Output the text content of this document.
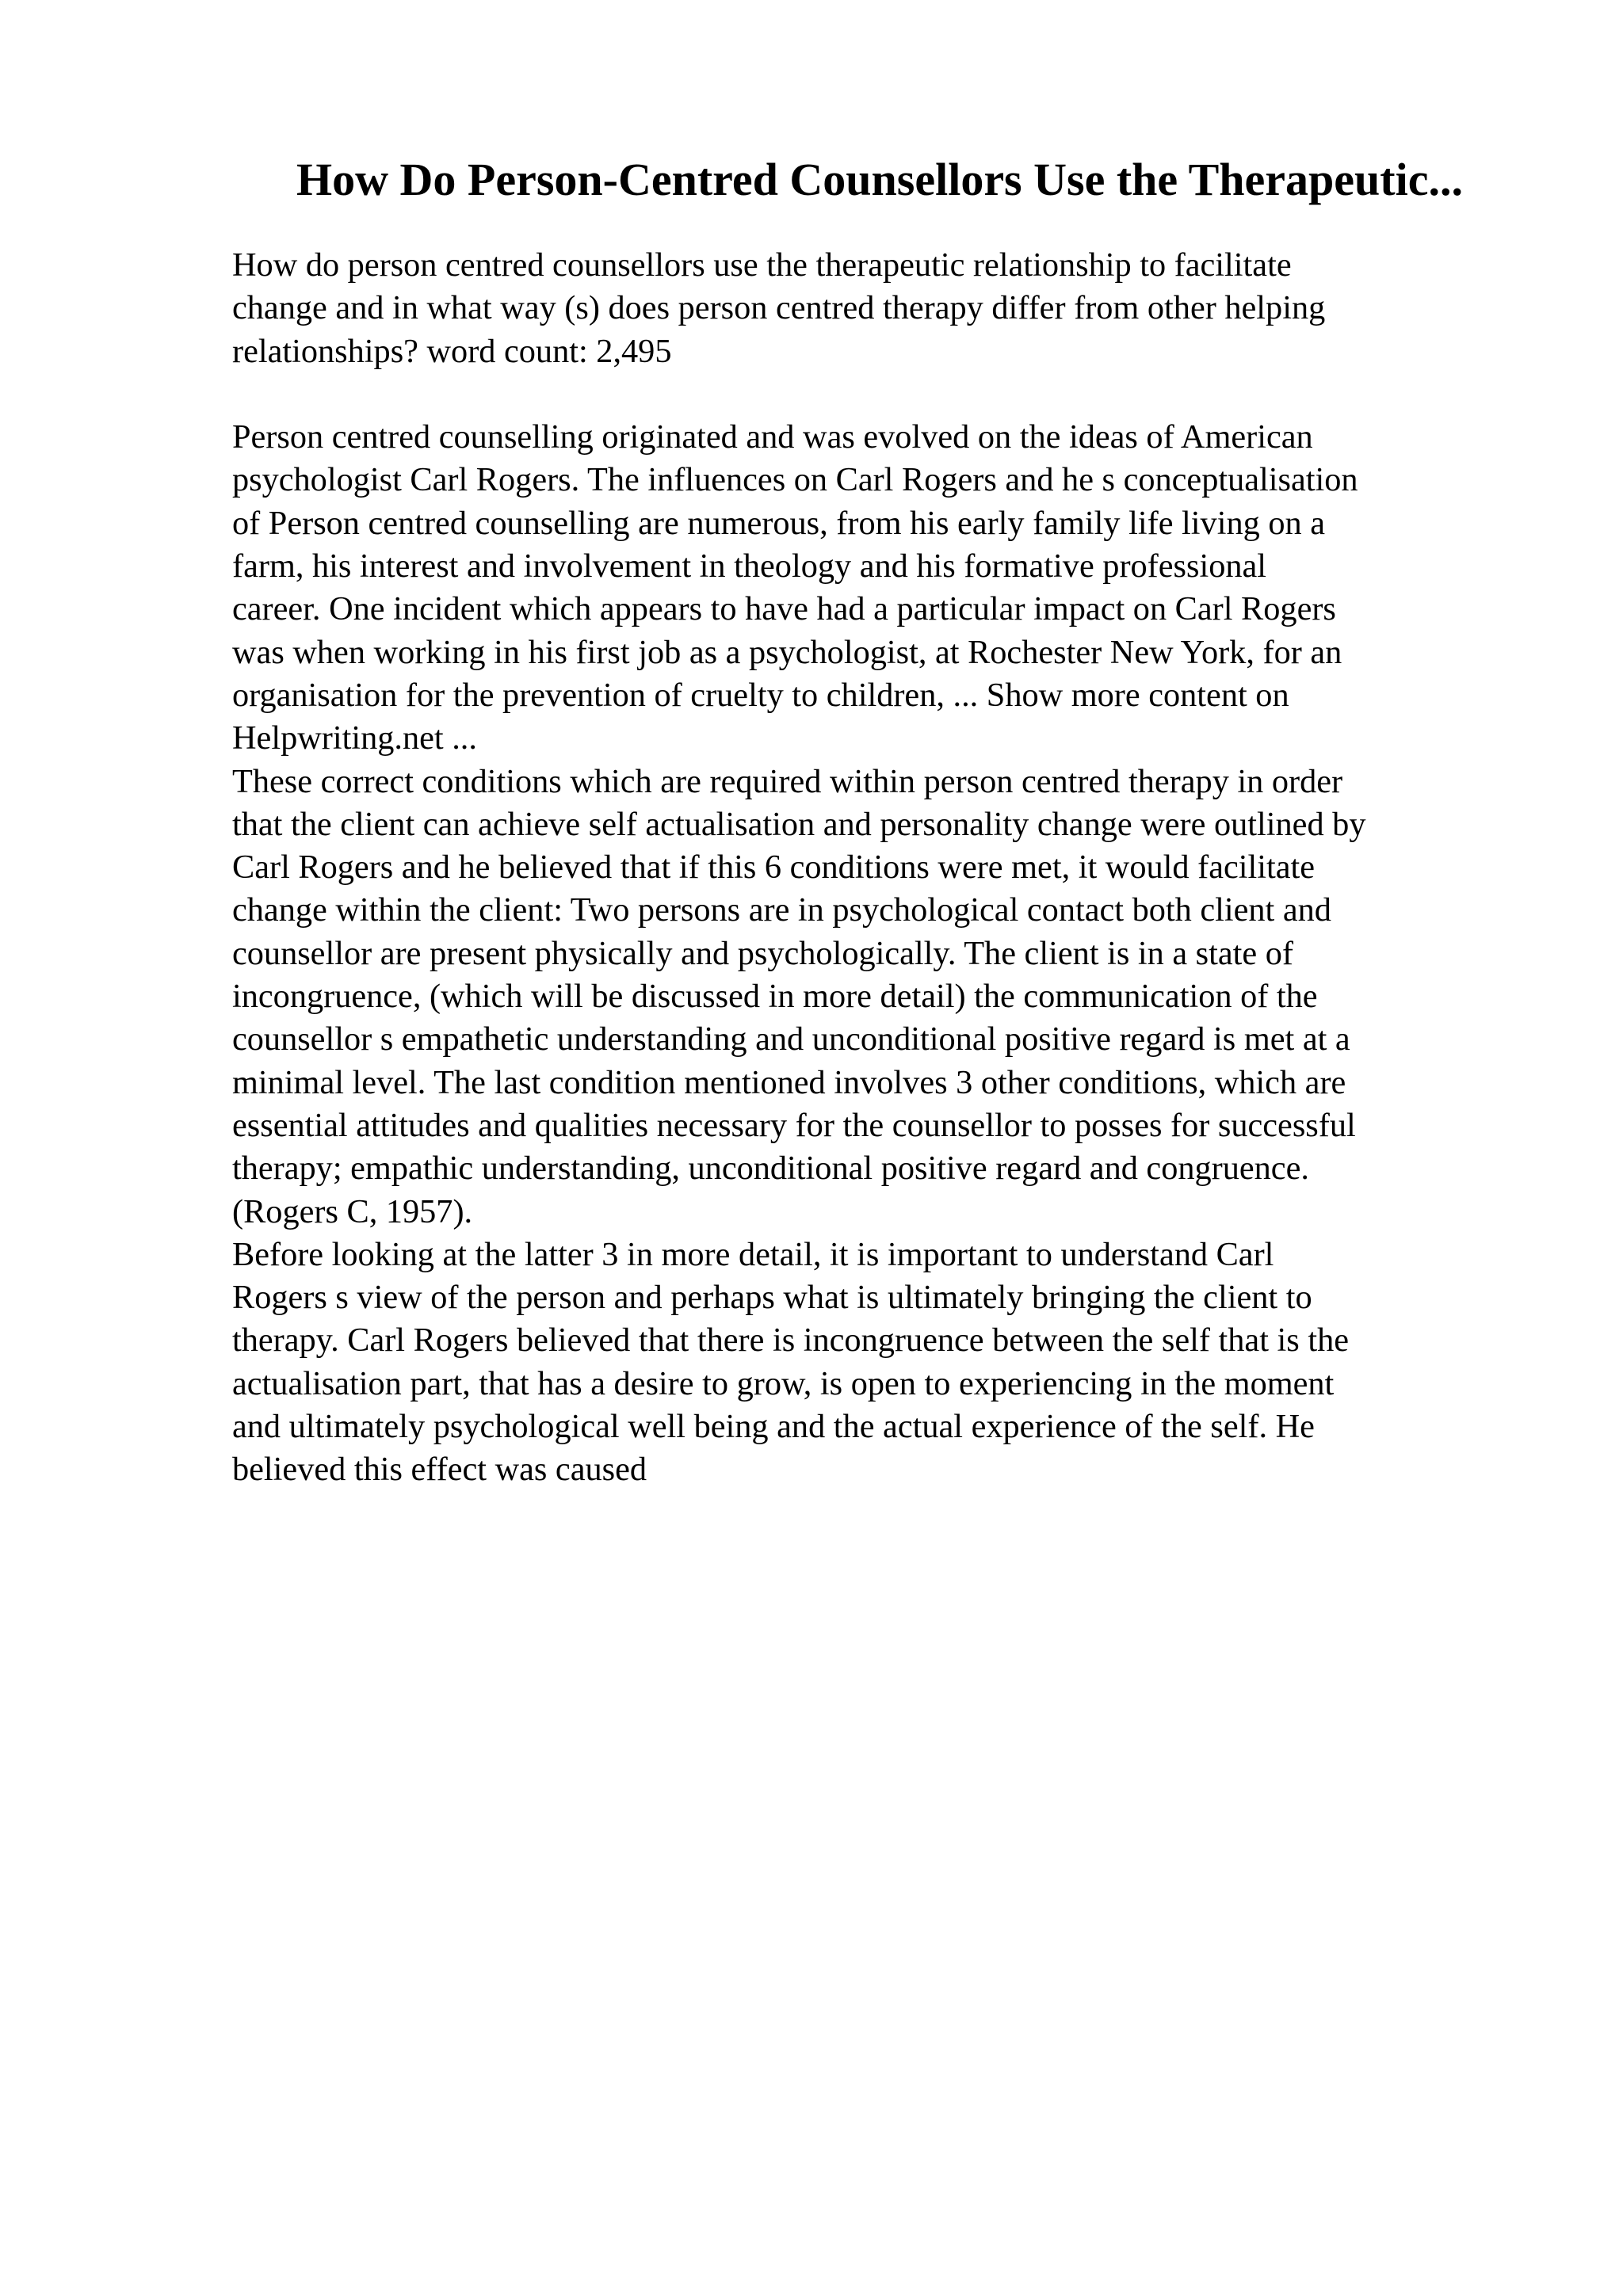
How Do Person-Centred Counsellors Use the Therapeutic...
How do person centred counsellors use the therapeutic relationship to facilitate
change and in what way (s) does person centred therapy differ from other helping
relationships? word count: 2,495
Person centred counselling originated and was evolved on the ideas of American
psychologist Carl Rogers. The influences on Carl Rogers and he s conceptualisation
of Person centred counselling are numerous, from his early family life living on a
farm, his interest and involvement in theology and his formative professional
career. One incident which appears to have had a particular impact on Carl Rogers
was when working in his first job as a psychologist, at Rochester New York, for an
organisation for the prevention of cruelty to children, ... Show more content on
Helpwriting.net ...
These correct conditions which are required within person centred therapy in order
that the client can achieve self actualisation and personality change were outlined by
Carl Rogers and he believed that if this 6 conditions were met, it would facilitate
change within the client: Two persons are in psychological contact both client and
counsellor are present physically and psychologically. The client is in a state of
incongruence, (which will be discussed in more detail) the communication of the
counsellor s empathetic understanding and unconditional positive regard is met at a
minimal level. The last condition mentioned involves 3 other conditions, which are
essential attitudes and qualities necessary for the counsellor to posses for successful
therapy; empathic understanding, unconditional positive regard and congruence.
(Rogers C, 1957).
Before looking at the latter 3 in more detail, it is important to understand Carl
Rogers s view of the person and perhaps what is ultimately bringing the client to
therapy. Carl Rogers believed that there is incongruence between the self that is the
actualisation part, that has a desire to grow, is open to experiencing in the moment
and ultimately psychological well being and the actual experience of the self. He
believed this effect was caused
